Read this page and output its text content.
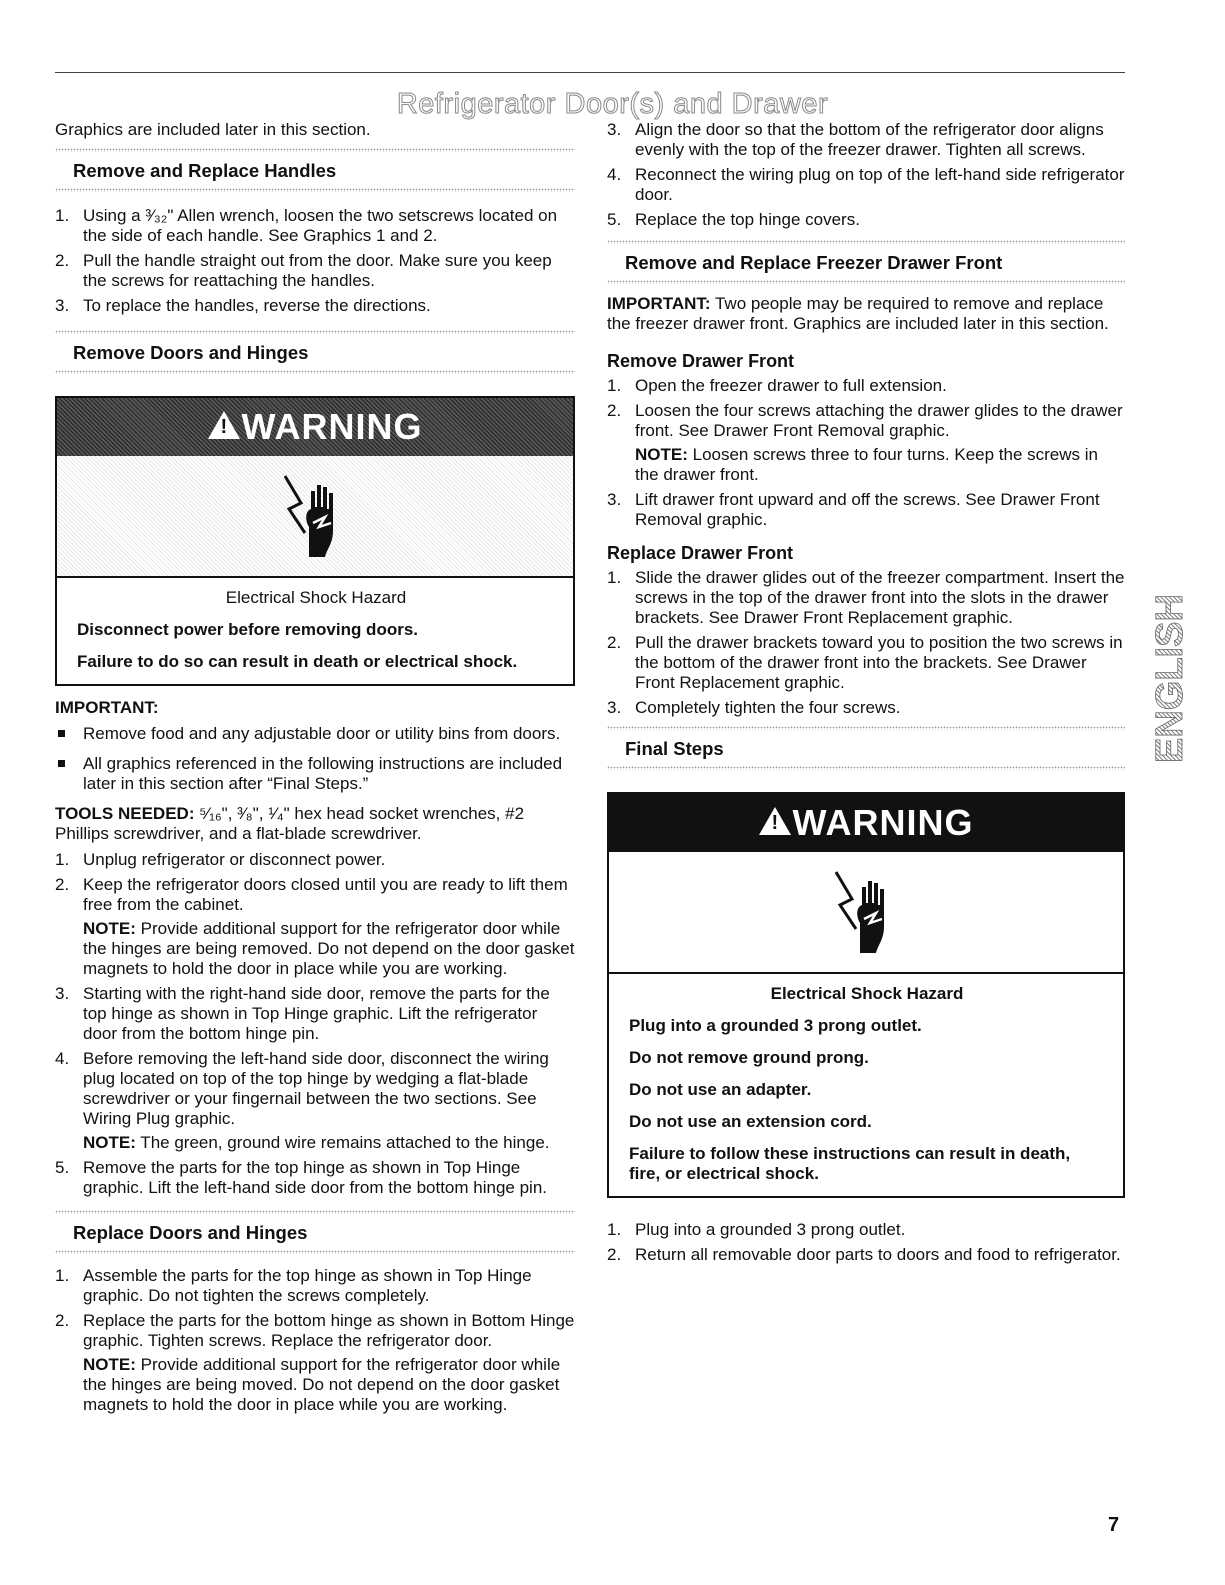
Refrigerator Door(s) and Drawer

Graphics are included later in this section.

Remove and Replace Handles
1. Using a ³⁄₃₂" Allen wrench, loosen the two setscrews located on the side of each handle. See Graphics 1 and 2.
2. Pull the handle straight out from the door. Make sure you keep the screws for reattaching the handles.
3. To replace the handles, reverse the directions.
Remove Doors and Hinges
! WARNING
Electrical Shock Hazard
Disconnect power before removing doors.
Failure to do so can result in death or electrical shock.

IMPORTANT:

Remove food and any adjustable door or utility bins from doors.
All graphics referenced in the following instructions are included later in this section after “Final Steps.”

TOOLS NEEDED: ⁵⁄₁₆", ³⁄₈", ¹⁄₄" hex head socket wrenches, #2 Phillips screwdriver, and a flat-blade screwdriver.

1. Unplug refrigerator or disconnect power.
2. Keep the refrigerator doors closed until you are ready to lift them free from the cabinet.
NOTE: Provide additional support for the refrigerator door while the hinges are being removed. Do not depend on the door gasket magnets to hold the door in place while you are working.
3. Starting with the right-hand side door, remove the parts for the top hinge as shown in Top Hinge graphic. Lift the refrigerator door from the bottom hinge pin.
4. Before removing the left-hand side door, disconnect the wiring plug located on top of the top hinge by wedging a flat-blade screwdriver or your fingernail between the two sections. See Wiring Plug graphic.
NOTE: The green, ground wire remains attached to the hinge.
5. Remove the parts for the top hinge as shown in Top Hinge graphic. Lift the left-hand side door from the bottom hinge pin.
Replace Doors and Hinges
1. Assemble the parts for the top hinge as shown in Top Hinge graphic. Do not tighten the screws completely.
2. Replace the parts for the bottom hinge as shown in Bottom Hinge graphic. Tighten screws. Replace the refrigerator door.
NOTE: Provide additional support for the refrigerator door while the hinges are being moved. Do not depend on the door gasket magnets to hold the door in place while you are working.
3. Align the door so that the bottom of the refrigerator door aligns evenly with the top of the freezer drawer. Tighten all screws.
4. Reconnect the wiring plug on top of the left-hand side refrigerator door.
5. Replace the top hinge covers.
Remove and Replace Freezer Drawer Front

IMPORTANT: Two people may be required to remove and replace the freezer drawer front. Graphics are included later in this section.

Remove Drawer Front
1. Open the freezer drawer to full extension.
2. Loosen the four screws attaching the drawer glides to the drawer front. See Drawer Front Removal graphic.
NOTE: Loosen screws three to four turns. Keep the screws in the drawer front.
3. Lift drawer front upward and off the screws. See Drawer Front Removal graphic.
Replace Drawer Front
1. Slide the drawer glides out of the freezer compartment. Insert the screws in the top of the drawer front into the slots in the drawer brackets. See Drawer Front Replacement graphic.
2. Pull the drawer brackets toward you to position the two screws in the bottom of the drawer front into the brackets. See Drawer Front Replacement graphic.
3. Completely tighten the four screws.
Final Steps
! WARNING
Electrical Shock Hazard
Plug into a grounded 3 prong outlet.
Do not remove ground prong.
Do not use an adapter.
Do not use an extension cord.
Failure to follow these instructions can result in death, fire, or electrical shock.
1. Plug into a grounded 3 prong outlet.
2. Return all removable door parts to doors and food to refrigerator.
ENGLISH
7
